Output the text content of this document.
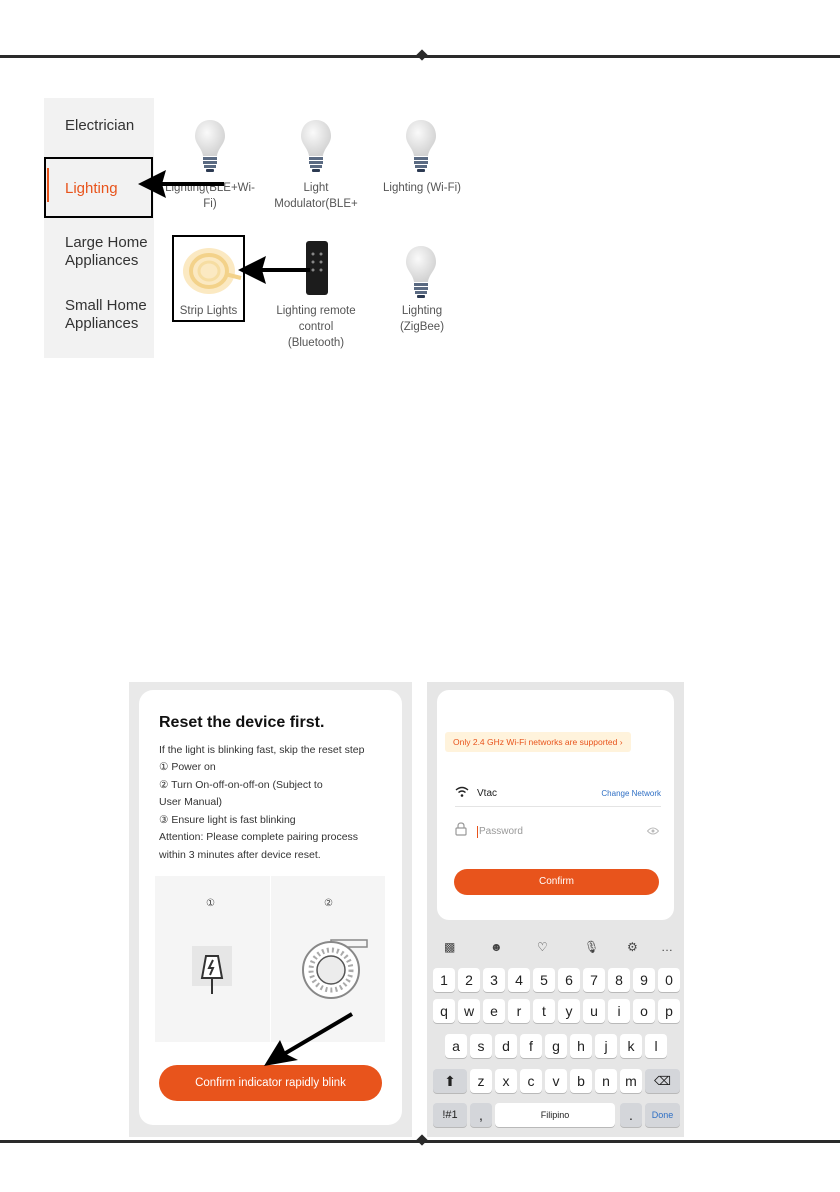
Electrician
Lighting
Large Home
Appliances
Small Home
Appliances
Lighting(BLE+Wi-
Fi)
Light
Modulator(BLE+
Lighting (Wi-Fi)
Strip Lights	Lighting remote
control
(Bluetooth)
Lighting
(ZigBee)
Reset the device first.
If the light is blinking fast, skip the reset step
① Power on
② Turn On-off-on-off-on (Subject to
User Manual)
③ Ensure light is fast blinking
Attention: Please complete pairing process
within 3 minutes after device reset.
①	②
Confirm indicator rapidly blink
Only 2.4 GHz Wi-Fi networks are supported ›
Vtac	Change Network
Password
Confirm
▩	☻	♡	🎙 ⚙ …
1	2	3	4	5	6	7	8	9	0
q	w	e	r	t	y	u	i	o	p
a	s	d	f	g	h	j	k	l
⬆	z	x	c	v	b	n	m	⌫
!#1	,	Filipino	.	Done
